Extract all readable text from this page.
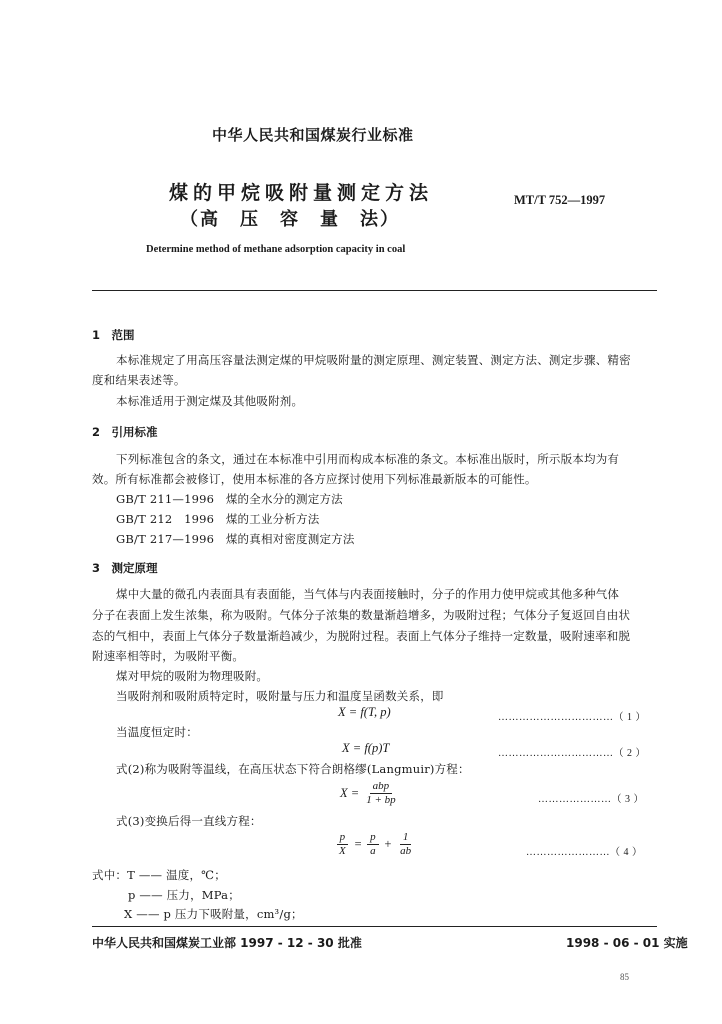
中华人民共和国煤炭行业标准
煤的甲烷吸附量测定方法
（高　压　容　量　法）
MT/T 752—1997
Determine method of methane adsorption capacity in coal
1　范围
本标准规定了用高压容量法测定煤的甲烷吸附量的测定原理、测定装置、测定方法、测定步骤、精密
度和结果表述等。
本标准适用于测定煤及其他吸附剂。
2　引用标准
下列标准包含的条文，通过在本标准中引用而构成本标准的条文。本标准出版时，所示版本均为有
效。所有标准都会被修订，使用本标准的各方应探讨使用下列标准最新版本的可能性。
GB/T 211—1996　煤的全水分的测定方法
GB/T 212　1996　煤的工业分析方法
GB/T 217—1996　煤的真相对密度测定方法
3　测定原理
煤中大量的微孔内表面具有表面能，当气体与内表面接触时，分子的作用力使甲烷或其他多种气体
分子在表面上发生浓集，称为吸附。气体分子浓集的数量渐趋增多，为吸附过程；气体分子复返回自由状
态的气相中，表面上气体分子数量渐趋减少，为脱附过程。表面上气体分子维持一定数量，吸附速率和脱
附速率相等时，为吸附平衡。
煤对甲烷的吸附为物理吸附。
当吸附剂和吸附质特定时，吸附量与压力和温度呈函数关系，即
X = f(T, p)	……………………………（ 1 ）
当温度恒定时：
X = f(p)T	……………………………（ 2 ）
式(2)称为吸附等温线，在高压状态下符合朗格缪(Langmuir)方程：
$X = \frac{\text{abp}}{1 + bp}$	…………………（ 3 ）
式(3)变换后得一直线方程：
$\frac{p}{X} = \frac{p}{a} + \frac{1}{ab}$	……………………（ 4 ）
式中：T —— 温度，℃；
p —— 压力，MPa；
X —— p 压力下吸附量，cm³/g；
中华人民共和国煤炭工业部 1997 - 12 - 30 批准	1998 - 06 - 01 实施
85
